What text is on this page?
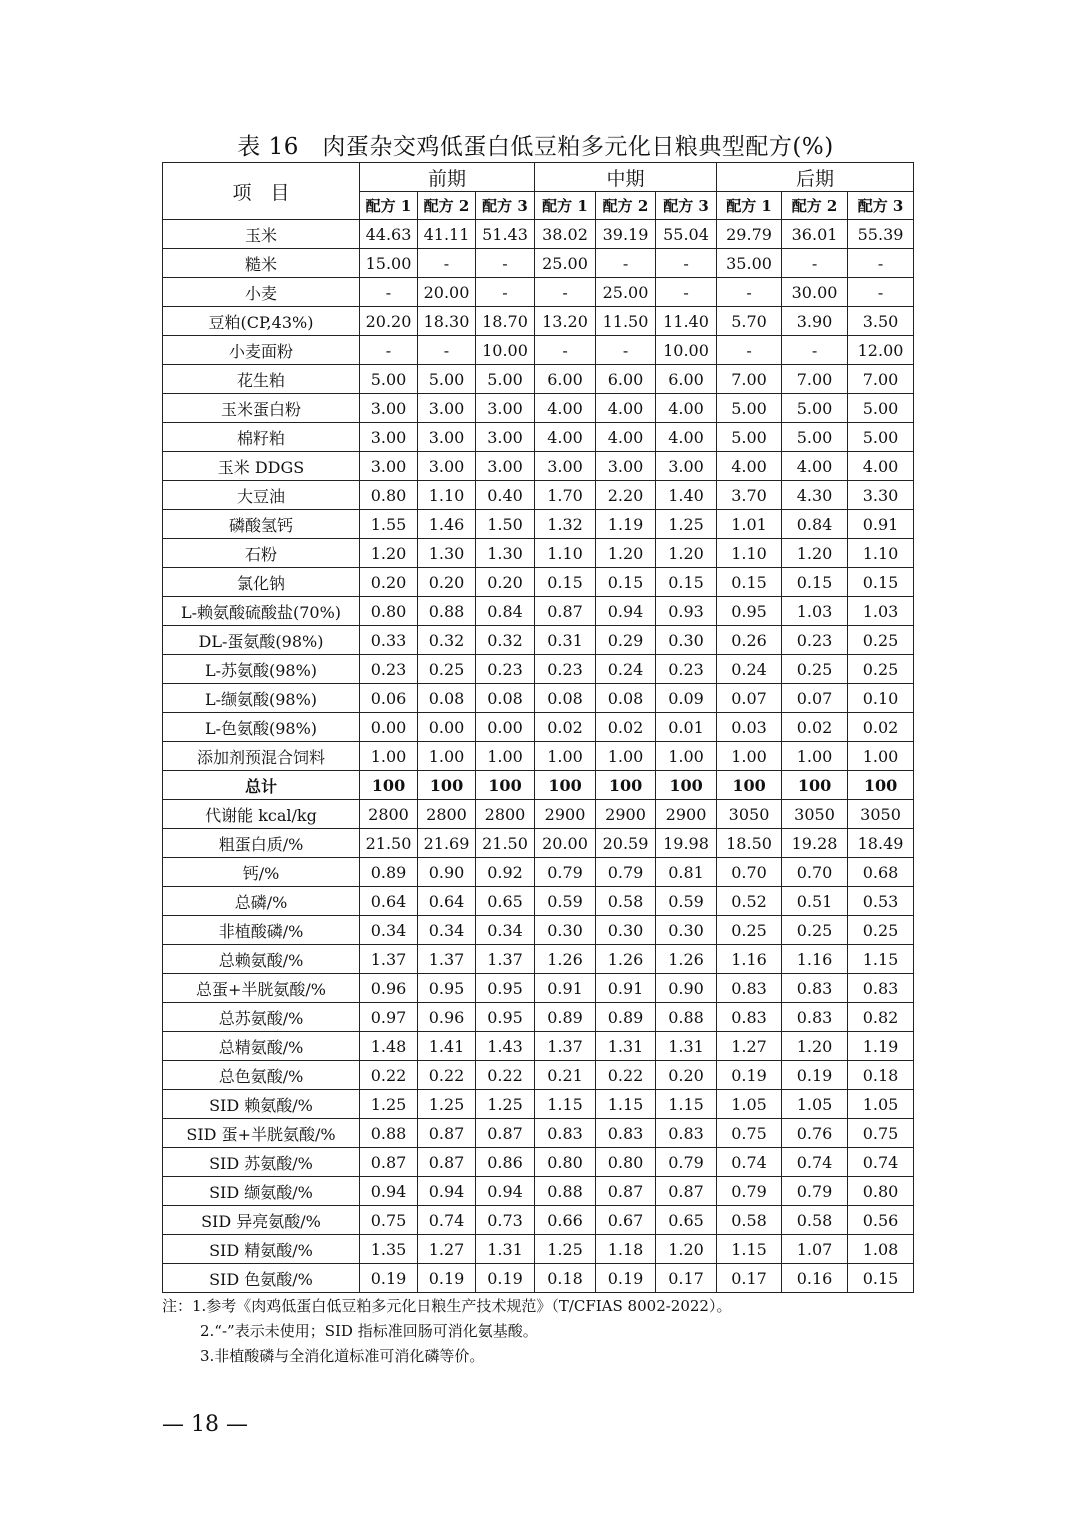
表 16　肉蛋杂交鸡低蛋白低豆粕多元化日粮典型配方(%)
项　目	前期			中期			后期		
	配方 1	配方 2	配方 3	配方 1	配方 2	配方 3	配方 1	配方 2	配方 3
玉米	44.63	41.11	51.43	38.02	39.19	55.04	29.79	36.01	55.39
糙米	15.00	-	-	25.00	-	-	35.00	-	-
小麦	-	20.00	-	-	25.00	-	-	30.00	-
豆粕(CP,43%)	20.20	18.30	18.70	13.20	11.50	11.40	5.70	3.90	3.50
小麦面粉	-	-	10.00	-	-	10.00	-	-	12.00
花生粕	5.00	5.00	5.00	6.00	6.00	6.00	7.00	7.00	7.00
玉米蛋白粉	3.00	3.00	3.00	4.00	4.00	4.00	5.00	5.00	5.00
棉籽粕	3.00	3.00	3.00	4.00	4.00	4.00	5.00	5.00	5.00
玉米 DDGS	3.00	3.00	3.00	3.00	3.00	3.00	4.00	4.00	4.00
大豆油	0.80	1.10	0.40	1.70	2.20	1.40	3.70	4.30	3.30
磷酸氢钙	1.55	1.46	1.50	1.32	1.19	1.25	1.01	0.84	0.91
石粉	1.20	1.30	1.30	1.10	1.20	1.20	1.10	1.20	1.10
氯化钠	0.20	0.20	0.20	0.15	0.15	0.15	0.15	0.15	0.15
L-赖氨酸硫酸盐(70%)	0.80	0.88	0.84	0.87	0.94	0.93	0.95	1.03	1.03
DL-蛋氨酸(98%)	0.33	0.32	0.32	0.31	0.29	0.30	0.26	0.23	0.25
L-苏氨酸(98%)	0.23	0.25	0.23	0.23	0.24	0.23	0.24	0.25	0.25
L-缬氨酸(98%)	0.06	0.08	0.08	0.08	0.08	0.09	0.07	0.07	0.10
L-色氨酸(98%)	0.00	0.00	0.00	0.02	0.02	0.01	0.03	0.02	0.02
添加剂预混合饲料	1.00	1.00	1.00	1.00	1.00	1.00	1.00	1.00	1.00
总计	100	100	100	100	100	100	100	100	100
代谢能 kcal/kg	2800	2800	2800	2900	2900	2900	3050	3050	3050
粗蛋白质/%	21.50	21.69	21.50	20.00	20.59	19.98	18.50	19.28	18.49
钙/%	0.89	0.90	0.92	0.79	0.79	0.81	0.70	0.70	0.68
总磷/%	0.64	0.64	0.65	0.59	0.58	0.59	0.52	0.51	0.53
非植酸磷/%	0.34	0.34	0.34	0.30	0.30	0.30	0.25	0.25	0.25
总赖氨酸/%	1.37	1.37	1.37	1.26	1.26	1.26	1.16	1.16	1.15
总蛋+半胱氨酸/%	0.96	0.95	0.95	0.91	0.91	0.90	0.83	0.83	0.83
总苏氨酸/%	0.97	0.96	0.95	0.89	0.89	0.88	0.83	0.83	0.82
总精氨酸/%	1.48	1.41	1.43	1.37	1.31	1.31	1.27	1.20	1.19
总色氨酸/%	0.22	0.22	0.22	0.21	0.22	0.20	0.19	0.19	0.18
SID 赖氨酸/%	1.25	1.25	1.25	1.15	1.15	1.15	1.05	1.05	1.05
SID 蛋+半胱氨酸/%	0.88	0.87	0.87	0.83	0.83	0.83	0.75	0.76	0.75
SID 苏氨酸/%	0.87	0.87	0.86	0.80	0.80	0.79	0.74	0.74	0.74
SID 缬氨酸/%	0.94	0.94	0.94	0.88	0.87	0.87	0.79	0.79	0.80
SID 异亮氨酸/%	0.75	0.74	0.73	0.66	0.67	0.65	0.58	0.58	0.56
SID 精氨酸/%	1.35	1.27	1.31	1.25	1.18	1.20	1.15	1.07	1.08
SID 色氨酸/%	0.19	0.19	0.19	0.18	0.19	0.17	0.17	0.16	0.15
注：1.参考《肉鸡低蛋白低豆粕多元化日粮生产技术规范》（T/CFIAS 8002-2022）。
2.“-”表示未使用；SID 指标准回肠可消化氨基酸。
3.非植酸磷与全消化道标准可消化磷等价。
— 18 —
